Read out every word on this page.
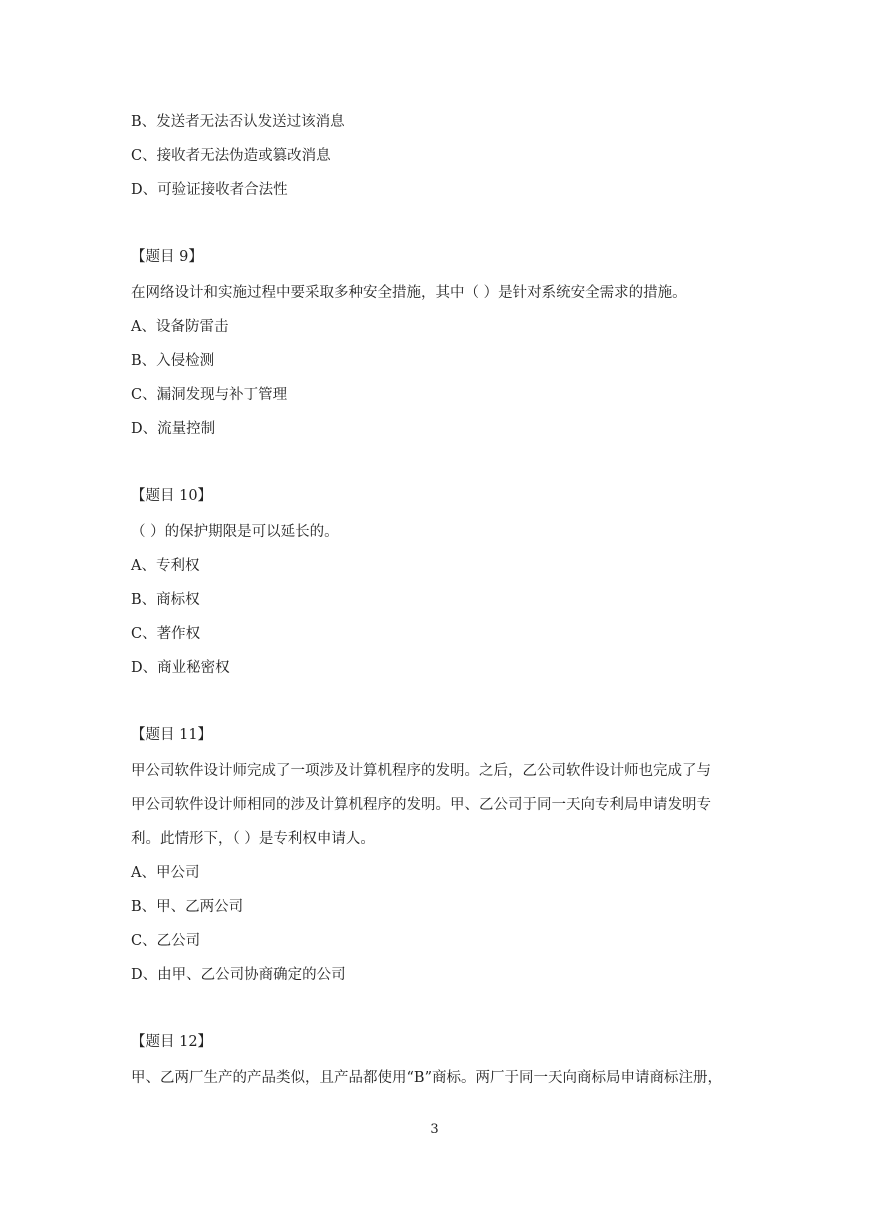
B、发送者无法否认发送过该消息
C、接收者无法伪造或篡改消息
D、可验证接收者合法性
【题目 9】
在网络设计和实施过程中要采取多种安全措施，其中（ ）是针对系统安全需求的措施。
A、设备防雷击
B、入侵检测
C、漏洞发现与补丁管理
D、流量控制
【题目 10】
（ ）的保护期限是可以延长的。
A、专利权
B、商标权
C、著作权
D、商业秘密权
【题目 11】
甲公司软件设计师完成了一项涉及计算机程序的发明。之后，乙公司软件设计师也完成了与
甲公司软件设计师相同的涉及计算机程序的发明。甲、乙公司于同一天向专利局申请发明专
利。此情形下，（ ）是专利权申请人。
A、甲公司
B、甲、乙两公司
C、乙公司
D、由甲、乙公司协商确定的公司
【题目 12】
甲、乙两厂生产的产品类似，且产品都使用“B”商标。两厂于同一天向商标局申请商标注册，
3
